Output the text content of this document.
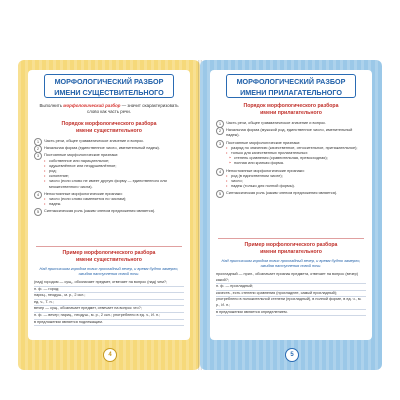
МОРФОЛОГИЧЕСКИЙ РАЗБОР
ИМЕНИ СУЩЕСТВИТЕЛЬНОГО
Выполнить морфологический разбор — значит охарактеризовать слово как часть речи.
Порядок морфологического разбора
имени существительного
1	Часть речи, общее грамматическое значение и вопрос.
2	Начальная форма (единственное число, именительный падеж).
3	Постоянные морфологические признаки:
• собственное или нарицательное;
• одушевлённое или неодушевлённое;
• род;
• склонение;
• число (если слово не имеет другую форму — единственного или множественного числа).
4	Непостоянные морфологические признаки:
• число (если слово изменяется по числам);
• падеж.
5	Синтаксическая роль (каким членом предложения является).
Пример морфологического разбора
имени существительного
Над притихшим городом повис прохладный вечер, и время будто замерло, ожидая наступления новой ночи.
(над) городом — сущ., обозначает предмет, отвечает на вопрос (над) чем?;
н. ф. — город;
нариц., неодуш., м. р., 2 скл.;
ед. ч., Т. п.;
вечер — сущ., обозначает предмет, отвечает на вопрос что?;
н. ф. — вечер; нариц., неодуш., м. р., 2 скл.; употреблено в ед. ч., И. п.;
в предложении является подлежащим.
4
МОРФОЛОГИЧЕСКИЙ РАЗБОР
ИМЕНИ ПРИЛАГАТЕЛЬНОГО
Порядок морфологического разбора
имени прилагательного
1	Часть речи, общее грамматическое значение и вопрос.
2	Начальная форма (мужской род, единственное число, именительный падеж).
3	Постоянные морфологические признаки:
• разряд по значению (качественное, относительное, притяжательное);
• только для качественных прилагательных:
‣ степень сравнения (сравнительная, превосходная);
‣ полная или краткая форма.
4	Непостоянные морфологические признаки:
• род (в единственном числе);
• число;
• падеж (только для полной формы).
5	Синтаксическая роль (каким членом предложения является).
Пример морфологического разбора
имени прилагательного
Над притихшим городом повис прохладный вечер, и время будто замерло, ожидая наступления новой ночи.
прохладный — прил., обозначает признак предмета, отвечает на вопрос (вечер) какой?;
н. ф. — прохладный;
качеств., есть степени сравнения (прохладнее, самый прохладный);
употреблено в положительной степени (прохладный), в полной форме, в ед. ч., м. р., И. п.;
в предложении является определением.
5
